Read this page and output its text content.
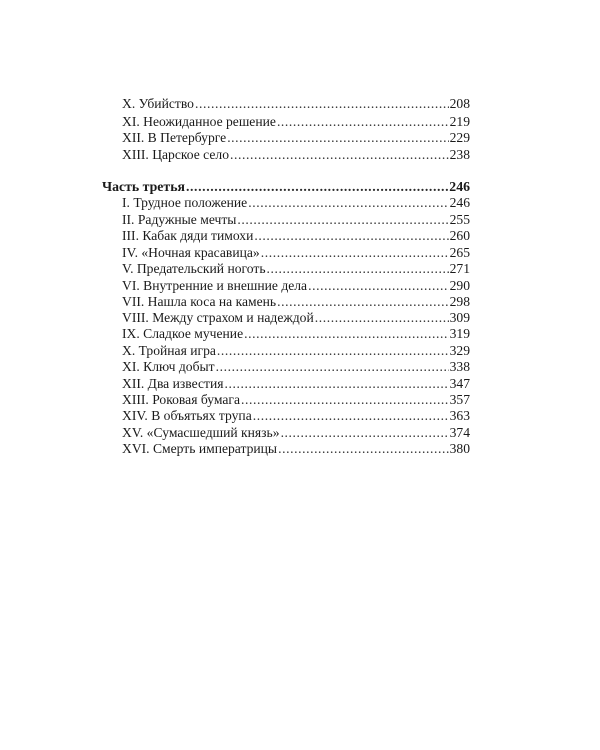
X. Убийство .....	208
XI. Неожиданное решение .....	219
XII. В Петербурге .....	229
XIII. Царское село .....	238
Часть третья .....	246
I. Трудное положение .....	246
II. Радужные мечты .....	255
III. Кабак дяди тимохи .....	260
IV. «Ночная красавица» .....	265
V. Предательский ноготь .....	271
VI. Внутренние и внешние дела .....	290
VII. Нашла коса на камень .....	298
VIII. Между страхом и надеждой .....	309
IX. Сладкое мучение .....	319
X. Тройная игра .....	329
XI. Ключ добыт .....	338
XII. Два известия .....	347
XIII. Роковая бумага .....	357
XIV. В объятьях трупа .....	363
XV. «Сумасшедший князь» .....	374
XVI. Смерть императрицы .....	380
